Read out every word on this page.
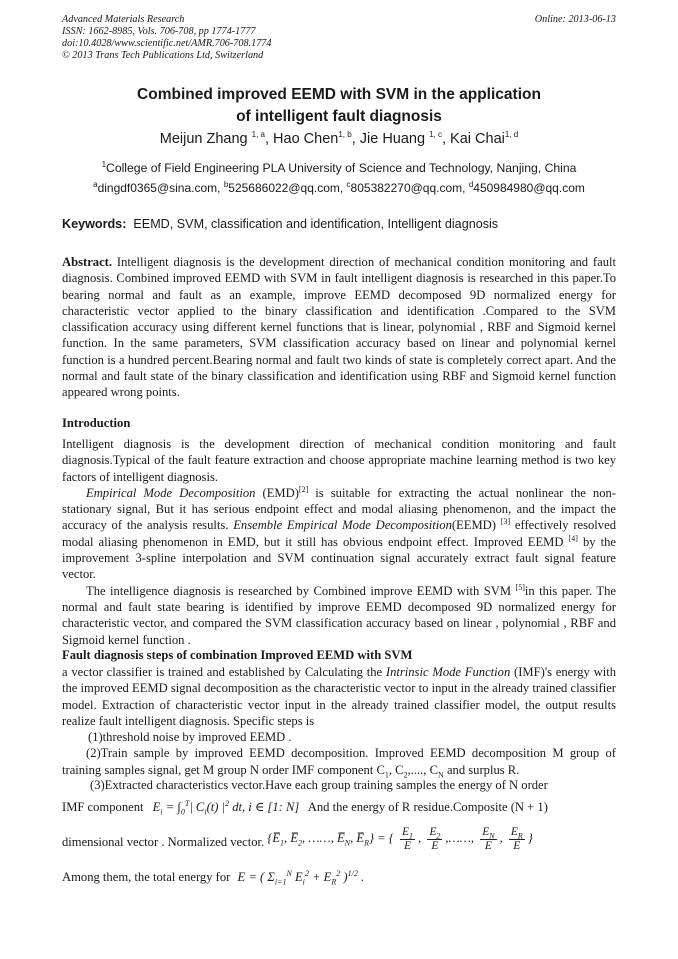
Advanced Materials Research
ISSN: 1662-8985, Vols. 706-708, pp 1774-1777
doi:10.4028/www.scientific.net/AMR.706-708.1774
© 2013 Trans Tech Publications Ltd, Switzerland
Online: 2013-06-13
Combined improved EEMD with SVM in the application
of intelligent fault diagnosis
Meijun Zhang $^{1, a}$, Hao Chen$^{1, b}$, Jie Huang $^{1, c}$, Kai Chai$^{1, d}$
$^1$College of Field Engineering PLA University of Science and Technology, Nanjing, China
$^a$dingdf0365@sina.com, $^b$525686022@qq.com, $^c$805382270@qq.com, $^d$450984980@qq.com
Keywords: EEMD, SVM, classification and identification, Intelligent diagnosis
Abstract. Intelligent diagnosis is the development direction of mechanical condition monitoring and fault diagnosis. Combined improved EEMD with SVM in fault intelligent diagnosis is researched in this paper.To bearing normal and fault as an example, improve EEMD decomposed 9D normalized energy for characteristic vector applied to the binary classification and identification .Compared to the SVM classification accuracy using different kernel functions that is linear, polynomial , RBF and Sigmoid kernel function. In the same parameters, SVM classification accuracy based on linear and polynomial kernel function is a hundred percent.Bearing normal and fault two kinds of state is completely correct apart. And the normal and fault state of the binary classification and identification using RBF and Sigmoid kernel function appeared wrong points.
Introduction
Intelligent diagnosis is the development direction of mechanical condition monitoring and fault diagnosis.Typical of the fault feature extraction and choose appropriate machine learning method is two key factors of intelligent diagnosis.
Empirical Mode Decomposition (EMD)[2] is suitable for extracting the actual nonlinear the non-stationary signal, But it has serious endpoint effect and modal aliasing phenomenon, and the impact the accuracy of the analysis results. Ensemble Empirical Mode Decomposition(EEMD) [3] effectively resolved modal aliasing phenomenon in EMD, but it still has obvious endpoint effect. Improved EEMD [4] by the improvement 3-spline interpolation and SVM continuation signal accurately extract fault signal feature vector.
The intelligence diagnosis is researched by Combined improve EEMD with SVM [5]in this paper. The normal and fault state bearing is identified by improve EEMD decomposed 9D normalized energy for characteristic vector, and compared the SVM classification accuracy based on linear , polynomial , RBF and Sigmoid kernel function .
Fault diagnosis steps of combination Improved EEMD with SVM
a vector classifier is trained and established by Calculating the Intrinsic Mode Function (IMF)'s energy with the improved EEMD signal decomposition as the characteristic vector to input in the already trained classifier model. Extraction of characteristic vector input in the already trained classifier model, the output results realize fault intelligent diagnosis. Specific steps is
(1)threshold noise by improved EEMD .
(2)Train sample by improved EEMD decomposition. Improved EEMD decomposition M group of training samples signal, get M group N order IMF component $C_1$, $C_2$,...., $C_N$ and surplus R.
(3)Extracted characteristics vector.Have each group training samples the energy of N order
IMF component $E_i = \int_0^T|$ $C_i(t)$ $|^2$ dt, i ∈ [1: N] And the energy of R residue.Composite (N + 1)
dimensional vector . Normalized vector. {$E̅_1$, $E̅_2$, ……, $E̅_N$, $E̅_R$} = { $\frac{E_1}{E}$ , $\frac{E_2}{E}$ ,……, $\frac{E_N}{E}$ , $\frac{E_R}{E}$ }
Among them, the total energy for E = ( $\Sigma_{i=1}^N$ $E_i^2 + E_R^2$ )$^{1/2}$ .
